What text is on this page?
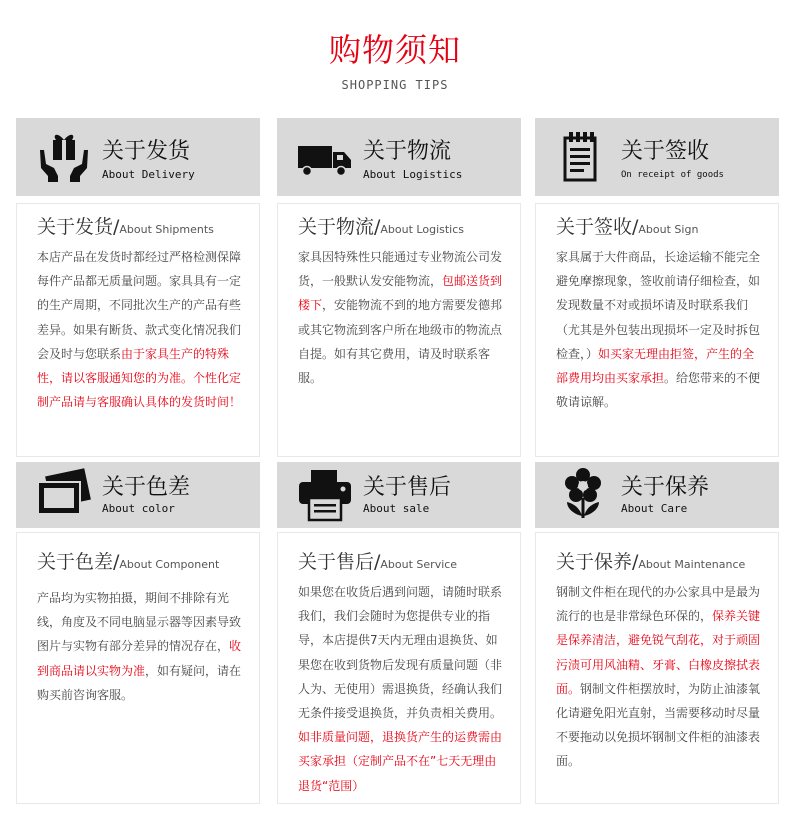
购物须知
SHOPPING TIPS
关于发货
About Delivery
关于发货/About Shipments
本店产品在发货时都经过严格检测保障每件产品都无质量问题。家具具有一定的生产周期，不同批次生产的产品有些差异。如果有断货、款式变化情况我们会及时与您联系由于家具生产的特殊性，请以客服通知您的为准。个性化定制产品请与客服确认具体的发货时间！
关于物流
About Logistics
关于物流/About Logistics
家具因特殊性只能通过专业物流公司发货，一般默认发安能物流，包邮送货到楼下，安能物流不到的地方需要发德邦或其它物流到客户所在地级市的物流点自提。如有其它费用，请及时联系客服。
关于签收
On receipt of goods
关于签收/About Sign
家具属于大件商品，长途运输不能完全避免摩擦现象，签收前请仔细检查，如发现数量不对或损坏请及时联系我们（尤其是外包装出现损坏一定及时拆包检查，）如买家无理由拒签，产生的全部费用均由买家承担。给您带来的不便敬请谅解。
关于色差
About color
关于色差/About Component
产品均为实物拍摄，期间不排除有光线，角度及不同电脑显示器等因素导致图片与实物有部分差异的情况存在，收到商品请以实物为准，如有疑问，请在购买前咨询客服。
关于售后
About sale
关于售后/About Service
如果您在收货后遇到问题，请随时联系我们，我们会随时为您提供专业的指导，本店提供7天内无理由退换货、如果您在收到货物后发现有质量问题（非人为、无使用）需退换货，经确认我们无条件接受退换货，并负责相关费用。如非质量问题，退换货产生的运费需由买家承担（定制产品不在”七天无理由退货“范围）
关于保养
About Care
关于保养/About Maintenance
钢制文件柜在现代的办公家具中是最为流行的也是非常绿色环保的，保养关键是保养清洁，避免锐气刮花，对于顽固污渍可用风油精、牙膏、白橡皮擦拭表面。钢制文件柜摆放时，为防止油漆氧化请避免阳光直射，当需要移动时尽量不要拖动以免损坏钢制文件柜的油漆表面。
